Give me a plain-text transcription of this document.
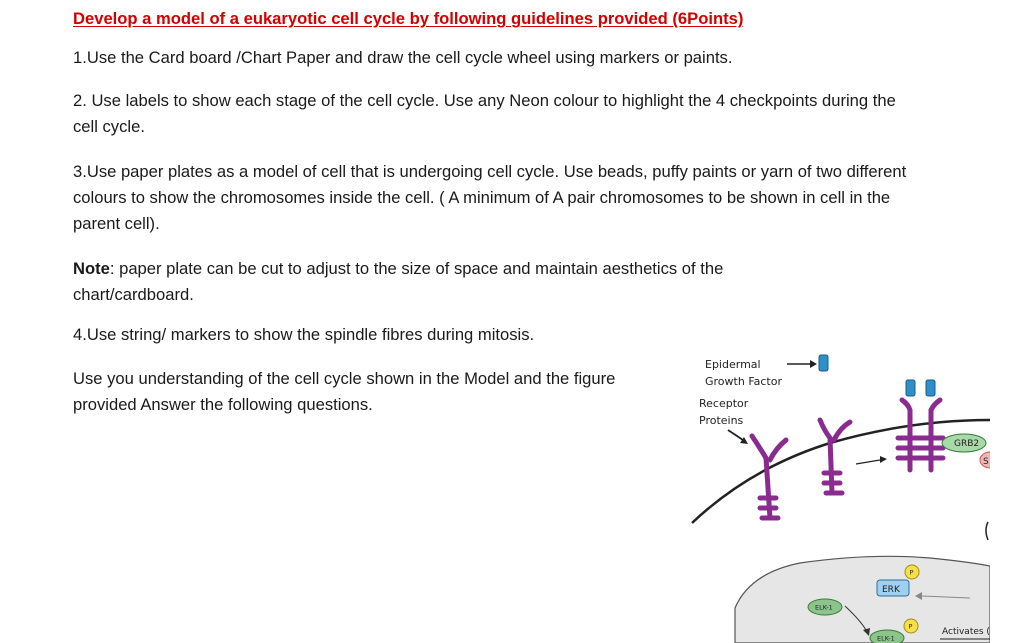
Develop a model of a eukaryotic cell cycle by following guidelines provided (6Points)

1.Use the Card board /Chart Paper and draw the cell cycle wheel using markers or paints.

2. Use labels to show each stage of the cell cycle. Use any Neon colour to highlight the 4 checkpoints during the cell cycle.

3.Use paper plates as a model of cell that is undergoing cell cycle. Use beads, puffy paints or yarn of two different colours to show the chromosomes inside the cell. ( A minimum of A pair chromosomes to be shown in cell in the parent cell).

Note: paper plate can be cut to adjust to the size of space and maintain aesthetics of the chart/cardboard.

4.Use string/ markers to show the spindle fibres during mitosis.

Use you understanding of the cell cycle shown in the Model and the figure provided Answer the following questions.

Epidermal
Growth Factor
Receptor
Proteins
GRB2
S
ERK
P
ELK-1
ELK-1
P
Activates (
